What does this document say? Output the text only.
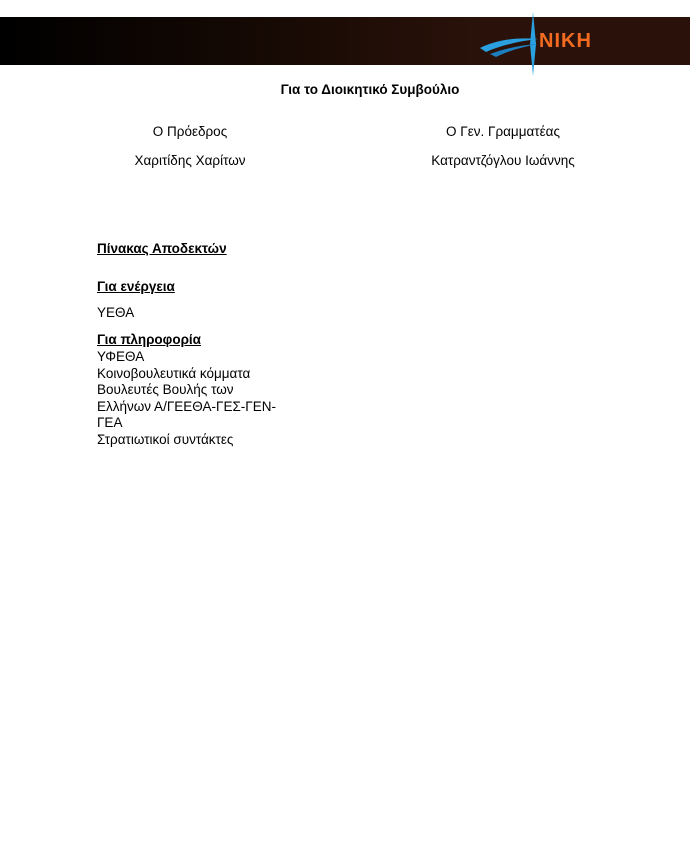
NIKH
Για το Διοικητικό Συμβούλιο
Ο Πρόεδρος
Χαριτίδης Χαρίτων
Ο Γεν. Γραμματέας
Κατραντζόγλου Ιωάννης
Πίνακας Αποδεκτών
Για ενέργεια
ΥΕΘΑ
Για πληροφορία
ΥΦΕΘΑ
Κοινοβουλευτικά κόμματα
Βουλευτές Βουλής των
Ελλήνων Α/ΓΕΕΘΑ-ΓΕΣ-ΓΕΝ-
ΓΕΑ
Στρατιωτικοί συντάκτες
